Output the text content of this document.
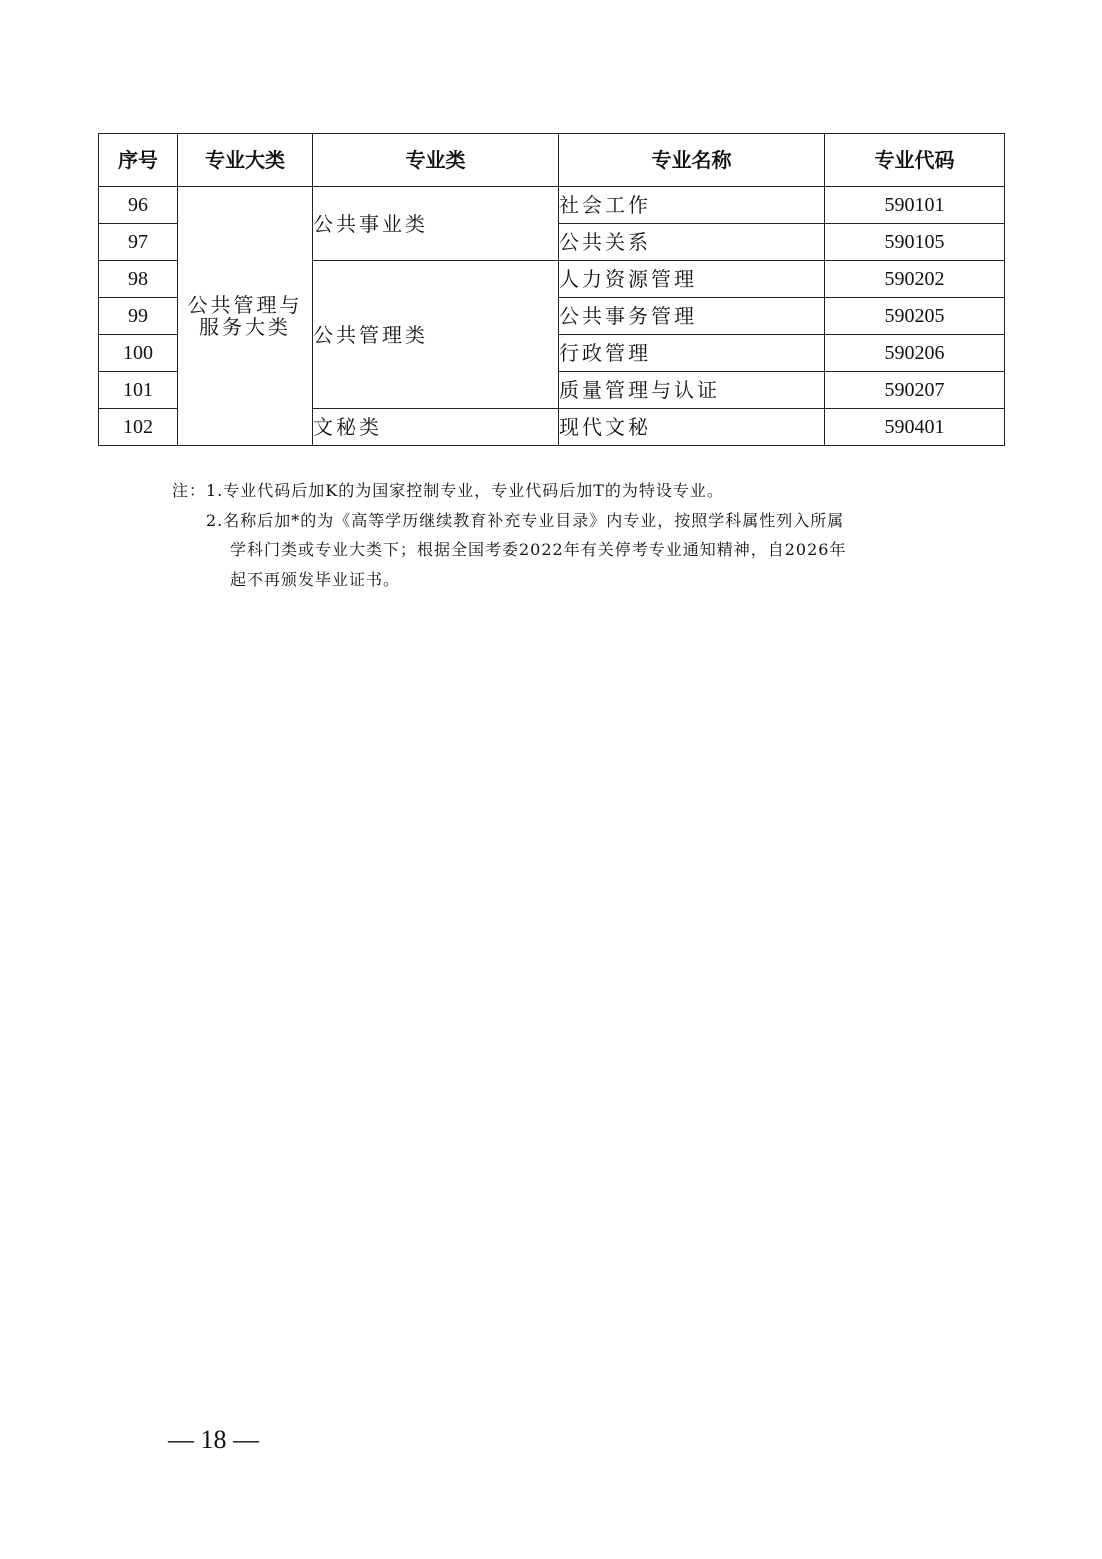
序号	专业大类	专业类	专业名称	专业代码
96	公共管理与服务大类	公共事业类	社会工作	590101
97			公共关系	590105
98		公共管理类	人力资源管理	590202
99			公共事务管理	590205
100			行政管理	590206
101			质量管理与认证	590207
102		文秘类	现代文秘	590401
注：1.专业代码后加K的为国家控制专业，专业代码后加T的为特设专业。
2.名称后加*的为《高等学历继续教育补充专业目录》内专业，按照学科属性列入所属
学科门类或专业大类下；根据全国考委2022年有关停考专业通知精神，自2026年
起不再颁发毕业证书。
— 18 —
